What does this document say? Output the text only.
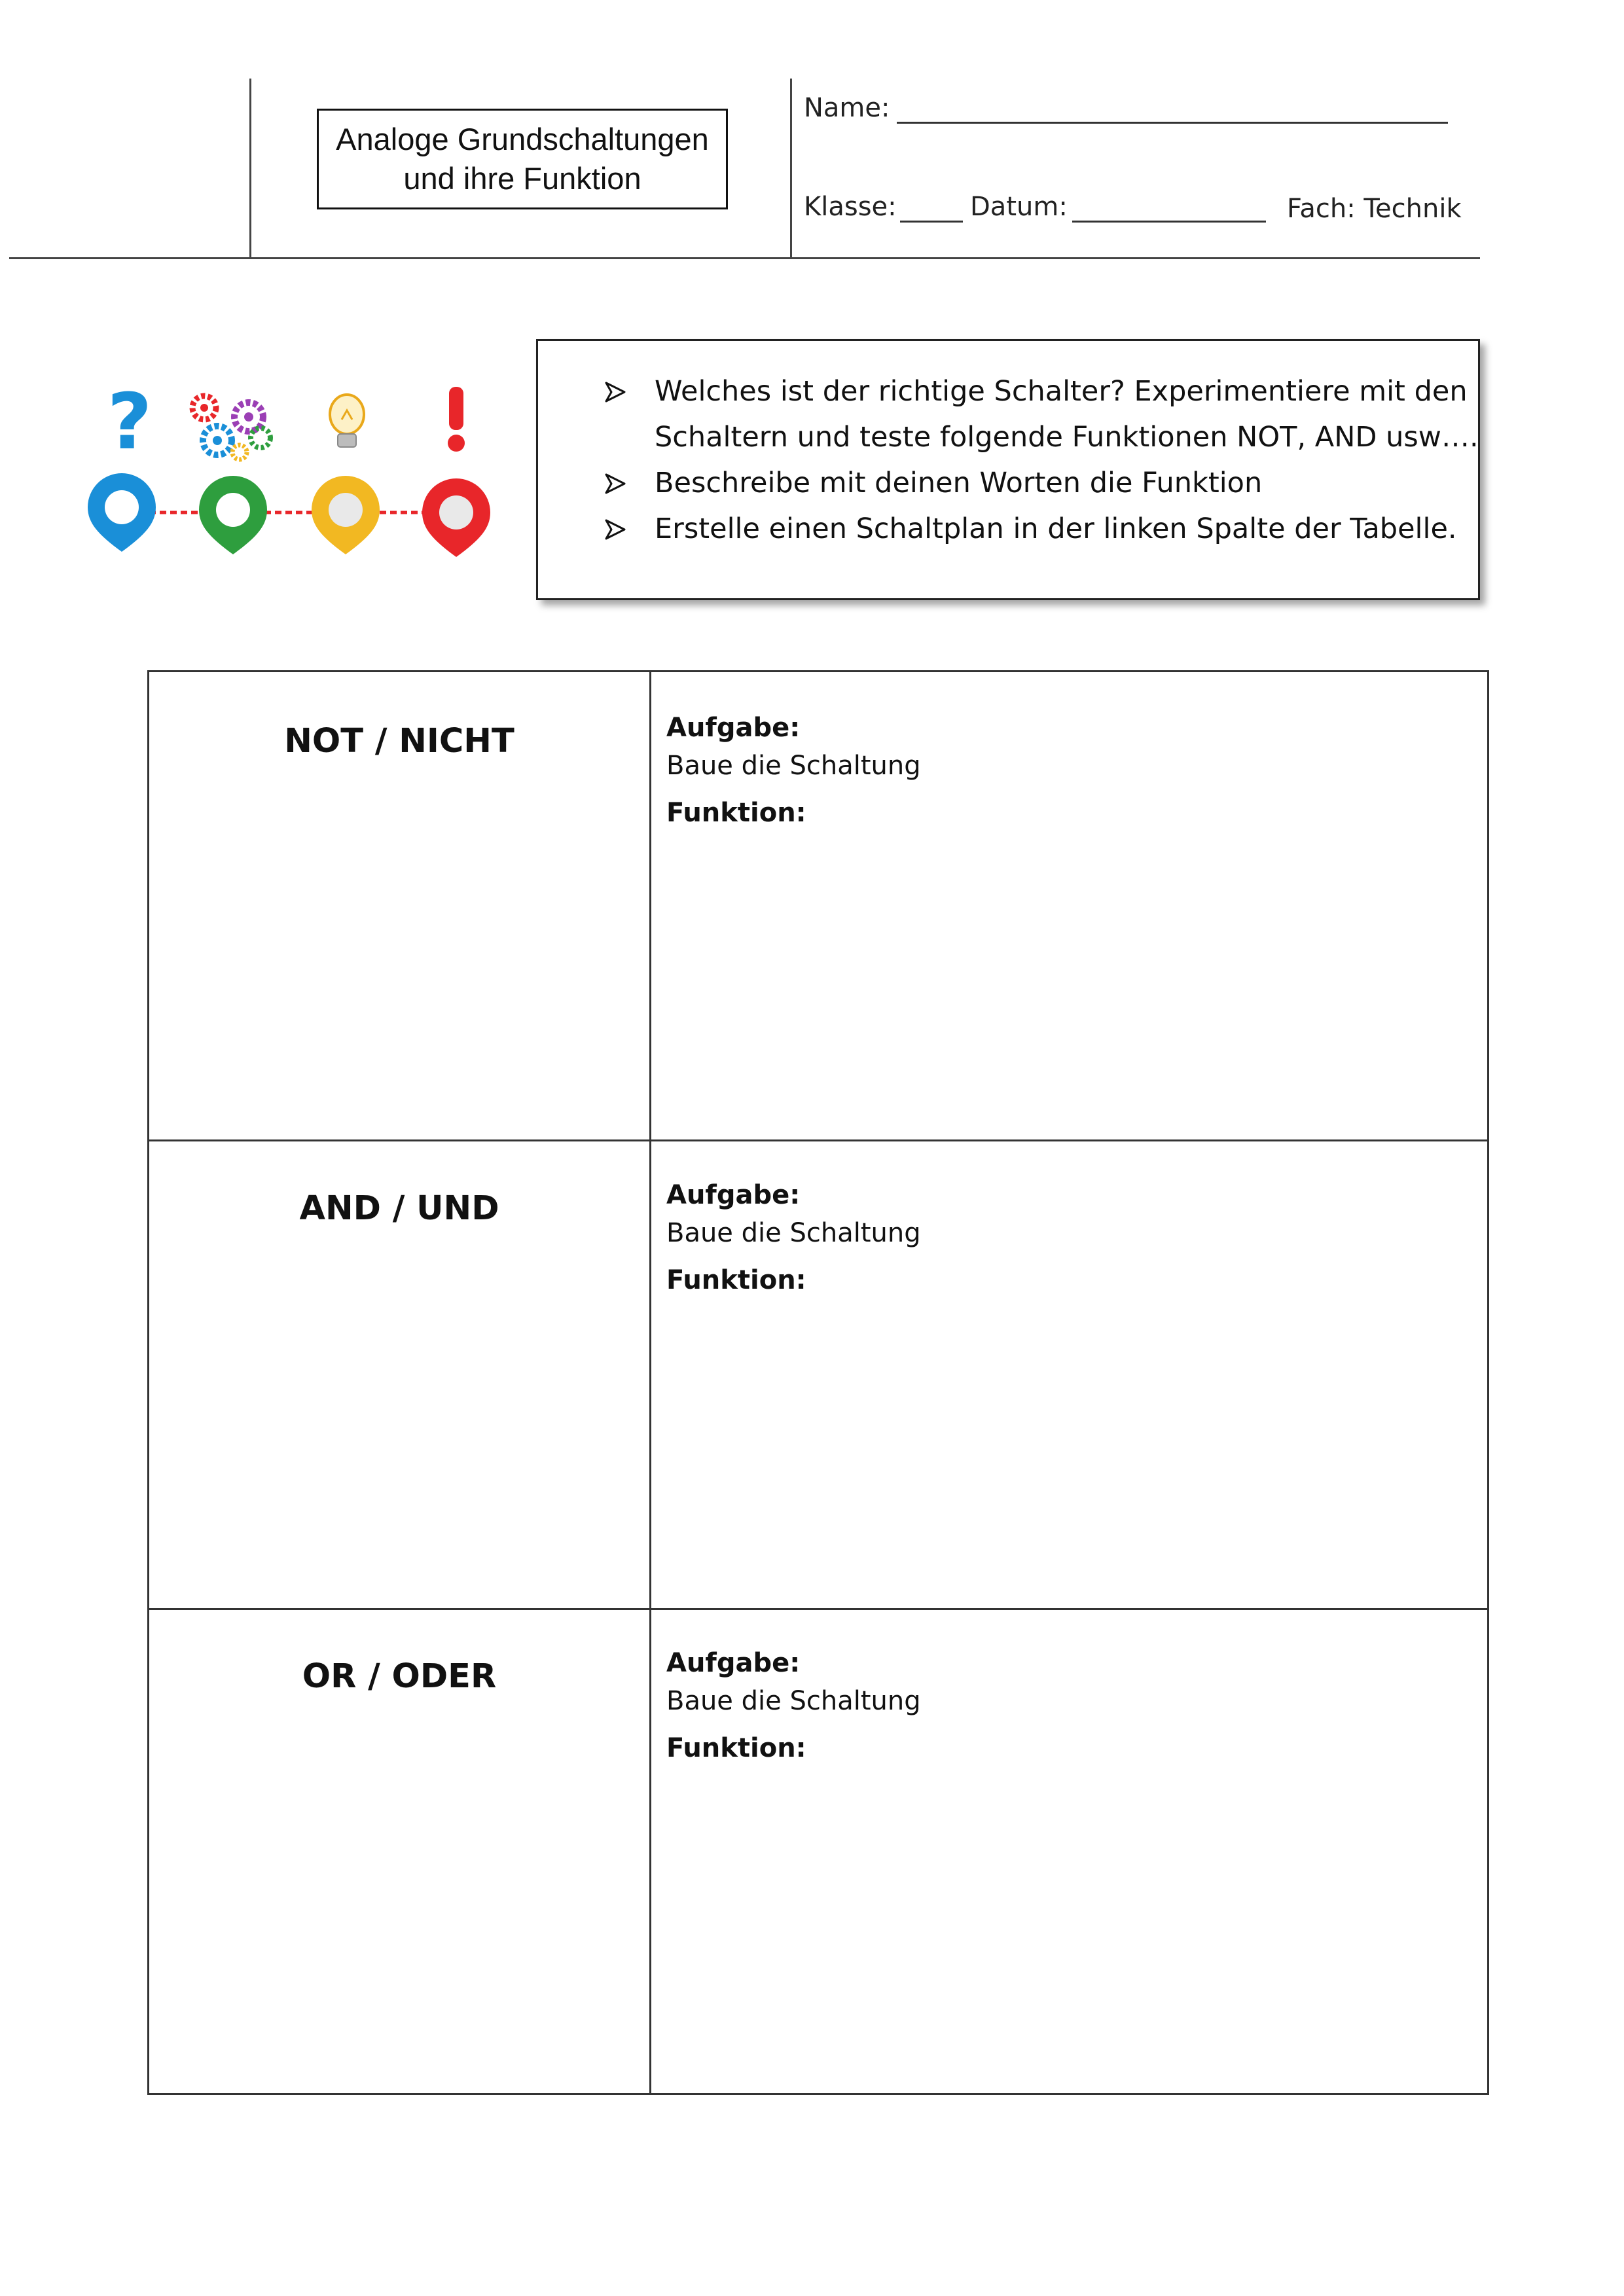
Analoge Grundschaltungen
und ihre Funktion
Name:
Klasse:	Datum:	Fach: Technik
?	Welches ist der richtige Schalter? Experimentiere mit den
Schaltern und teste folgende Funktionen NOT, AND usw….
Beschreibe mit deinen Worten die Funktion
Erstelle einen Schaltplan in der linken Spalte der Tabelle.
NOT / NICHT	Aufgabe:
Baue die Schaltung
Funktion:
AND / UND	Aufgabe:
Baue die Schaltung
Funktion:
OR / ODER	Aufgabe:
Baue die Schaltung
Funktion:
